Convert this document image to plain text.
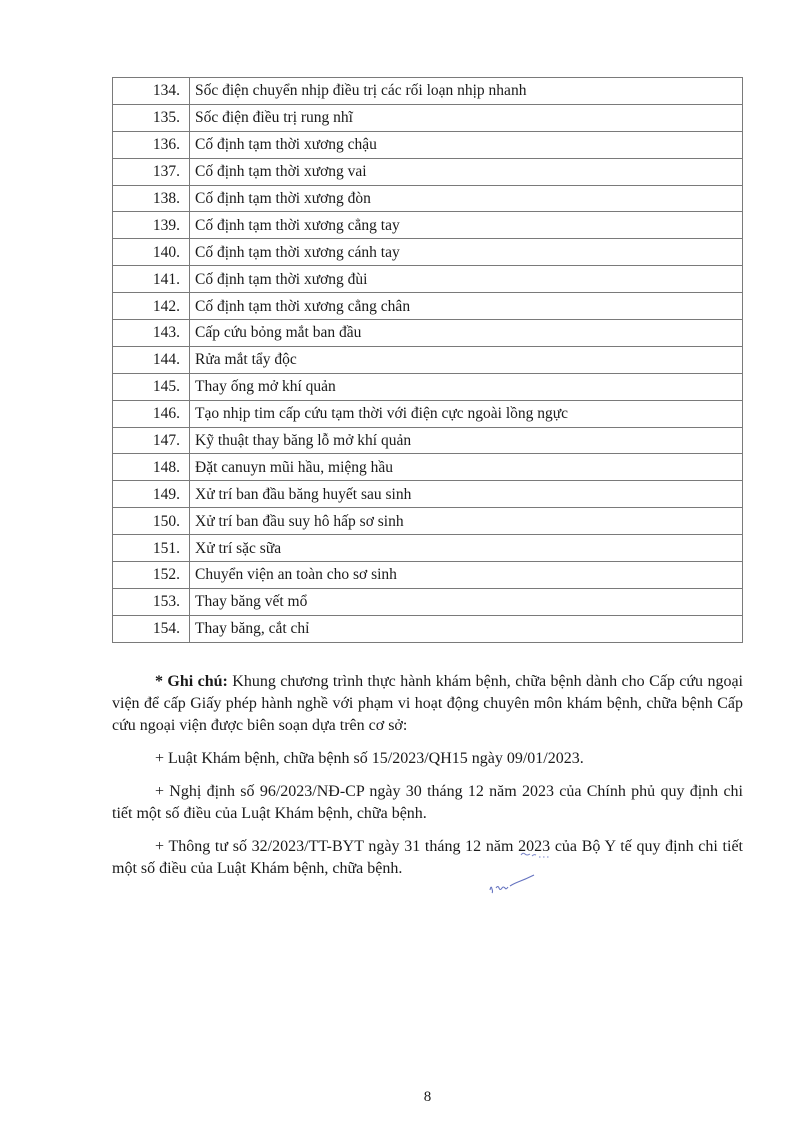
134.	Sốc điện chuyển nhịp điều trị các rối loạn nhịp nhanh
135.	Sốc điện điều trị rung nhĩ
136.	Cố định tạm thời xương chậu
137.	Cố định tạm thời xương vai
138.	Cố định tạm thời xương đòn
139.	Cố định tạm thời xương cẳng tay
140.	Cố định tạm thời xương cánh tay
141.	Cố định tạm thời xương đùi
142.	Cố định tạm thời xương cẳng chân
143.	Cấp cứu bỏng mắt ban đầu
144.	Rửa mắt tẩy độc
145.	Thay ống mở khí quản
146.	Tạo nhịp tim cấp cứu tạm thời với điện cực ngoài lồng ngực
147.	Kỹ thuật thay băng lỗ mở khí quản
148.	Đặt canuyn mũi hầu, miệng hầu
149.	Xử trí ban đầu băng huyết sau sinh
150.	Xử trí ban đầu suy hô hấp sơ sinh
151.	Xử trí sặc sữa
152.	Chuyển viện an toàn cho sơ sinh
153.	Thay băng vết mổ
154.	Thay băng, cắt chỉ

* Ghi chú: Khung chương trình thực hành khám bệnh, chữa bệnh dành cho Cấp cứu ngoại viện để cấp Giấy phép hành nghề với phạm vi hoạt động chuyên môn khám bệnh, chữa bệnh Cấp cứu ngoại viện được biên soạn dựa trên cơ sở:

+ Luật Khám bệnh, chữa bệnh số 15/2023/QH15 ngày 09/01/2023.

+ Nghị định số 96/2023/NĐ-CP ngày 30 tháng 12 năm 2023 của Chính phủ quy định chi tiết một số điều của Luật Khám bệnh, chữa bệnh.

+ Thông tư số 32/2023/TT-BYT ngày 31 tháng 12 năm 2023 của Bộ Y tế quy định chi tiết một số điều của Luật Khám bệnh, chữa bệnh.

8
